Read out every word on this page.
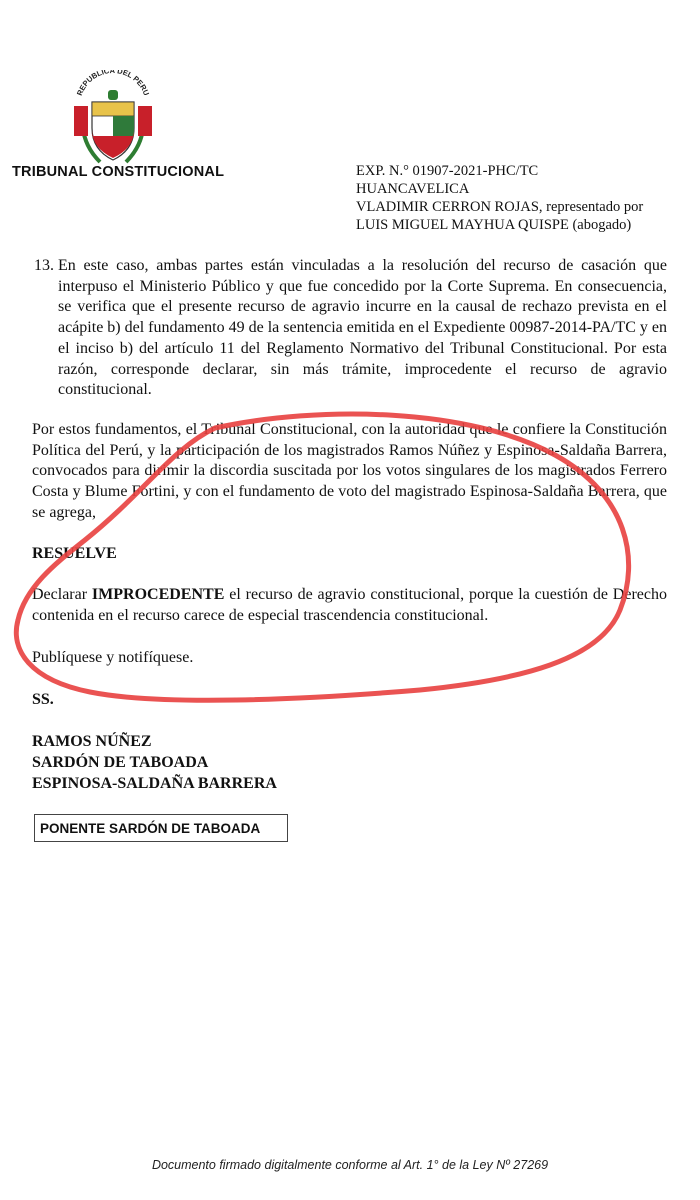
REPUBLICA DEL PERU
TRIBUNAL CONSTITUCIONAL	EXP. N.° 01907-2021-PHC/TC
HUANCAVELICA
VLADIMIR CERRON ROJAS, representado por
LUIS MIGUEL MAYHUA QUISPE (abogado)
13. En este caso, ambas partes están vinculadas a la resolución del recurso de casación que interpuso el Ministerio Público y que fue concedido por la Corte Suprema. En consecuencia, se verifica que el presente recurso de agravio incurre en la causal de rechazo prevista en el acápite b) del fundamento 49 de la sentencia emitida en el Expediente 00987-2014-PA/TC y en el inciso b) del artículo 11 del Reglamento Normativo del Tribunal Constitucional. Por esta razón, corresponde declarar, sin más trámite, improcedente el recurso de agravio constitucional.
Por estos fundamentos, el Tribunal Constitucional, con la autoridad que le confiere la Constitución Política del Perú, y la participación de los magistrados Ramos Núñez y Espinosa-Saldaña Barrera, convocados para dirimir la discordia suscitada por los votos singulares de los magistrados Ferrero Costa y Blume Fortini, y con el fundamento de voto del magistrado Espinosa-Saldaña Barrera, que se agrega,
RESUELVE
Declarar IMPROCEDENTE el recurso de agravio constitucional, porque la cuestión de Derecho contenida en el recurso carece de especial trascendencia constitucional.
Publíquese y notifíquese.
SS.
RAMOS NÚÑEZ
SARDÓN DE TABOADA
ESPINOSA-SALDAÑA BARRERA
PONENTE SARDÓN DE TABOADA
Documento firmado digitalmente conforme al Art. 1° de la Ley Nº 27269
